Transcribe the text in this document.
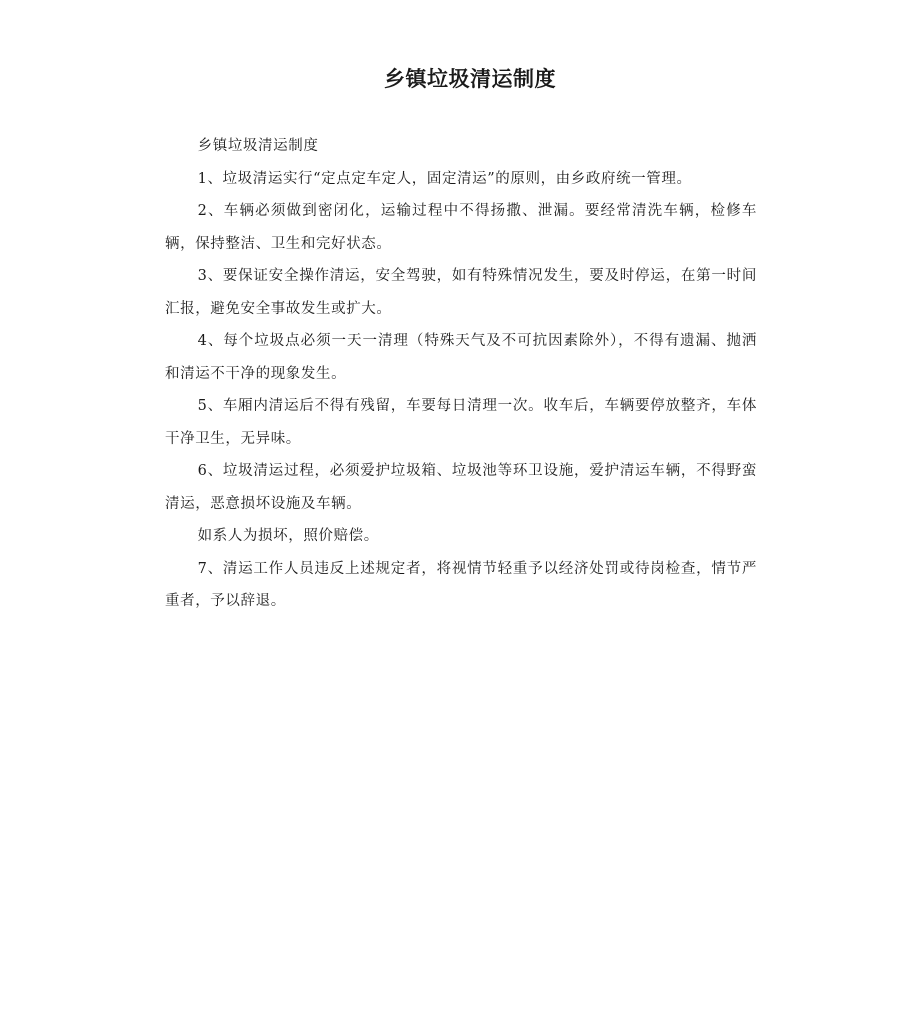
乡镇垃圾清运制度

乡镇垃圾清运制度

1、垃圾清运实行“定点定车定人，固定清运”的原则，由乡政府统一管理。

2、车辆必须做到密闭化，运输过程中不得扬撒、泄漏。要经常清洗车辆，检修车辆，保持整洁、卫生和完好状态。

3、要保证安全操作清运，安全驾驶，如有特殊情况发生，要及时停运，在第一时间汇报，避免安全事故发生或扩大。

4、每个垃圾点必须一天一清理（特殊天气及不可抗因素除外），不得有遗漏、抛洒和清运不干净的现象发生。

5、车厢内清运后不得有残留，车要每日清理一次。收车后，车辆要停放整齐，车体干净卫生，无异味。

6、垃圾清运过程，必须爱护垃圾箱、垃圾池等环卫设施，爱护清运车辆，不得野蛮清运，恶意损坏设施及车辆。

如系人为损坏，照价赔偿。

7、清运工作人员违反上述规定者，将视情节轻重予以经济处罚或待岗检查，情节严重者，予以辞退。
